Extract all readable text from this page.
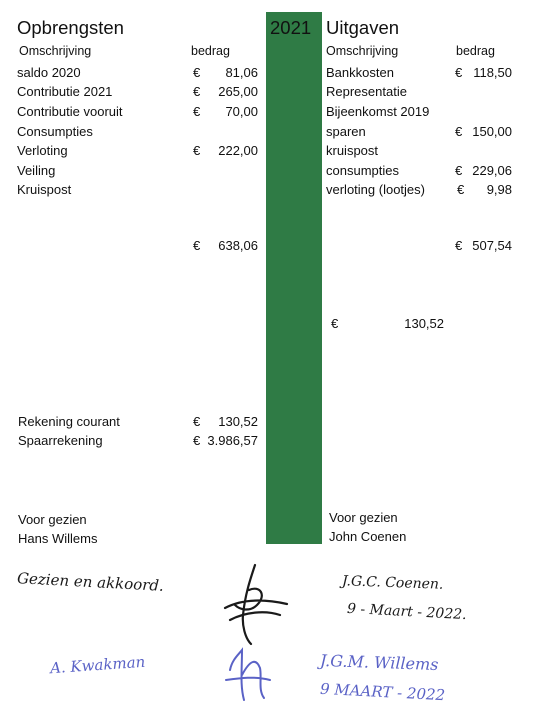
2021
Opbrengsten
Omschrijving	bedrag
saldo 2020	€	81,06
Contributie 2021	€	265,00
Contributie vooruit	€	70,00
Consumpties
Verloting	€	222,00
Veiling
Kruispost
€	638,06
Rekening courant	€	130,52
Spaarrekening	€ 3.986,57
Voor gezien
Hans Willems
Uitgaven
Omschrijving	bedrag
Bankkosten	€ 118,50
Representatie
Bijeenkomst 2019
sparen	€ 150,00
kruispost
consumpties	€ 229,06
verloting (lootjes) €	9,98
€ 507,54
€	130,52
Voor gezien
John Coenen
Gezien en akkoord.	J.G.C. Coenen.
9 - Maart - 2022.
A. Kwakman	J.G.M. Willems
9 MAART - 2022
